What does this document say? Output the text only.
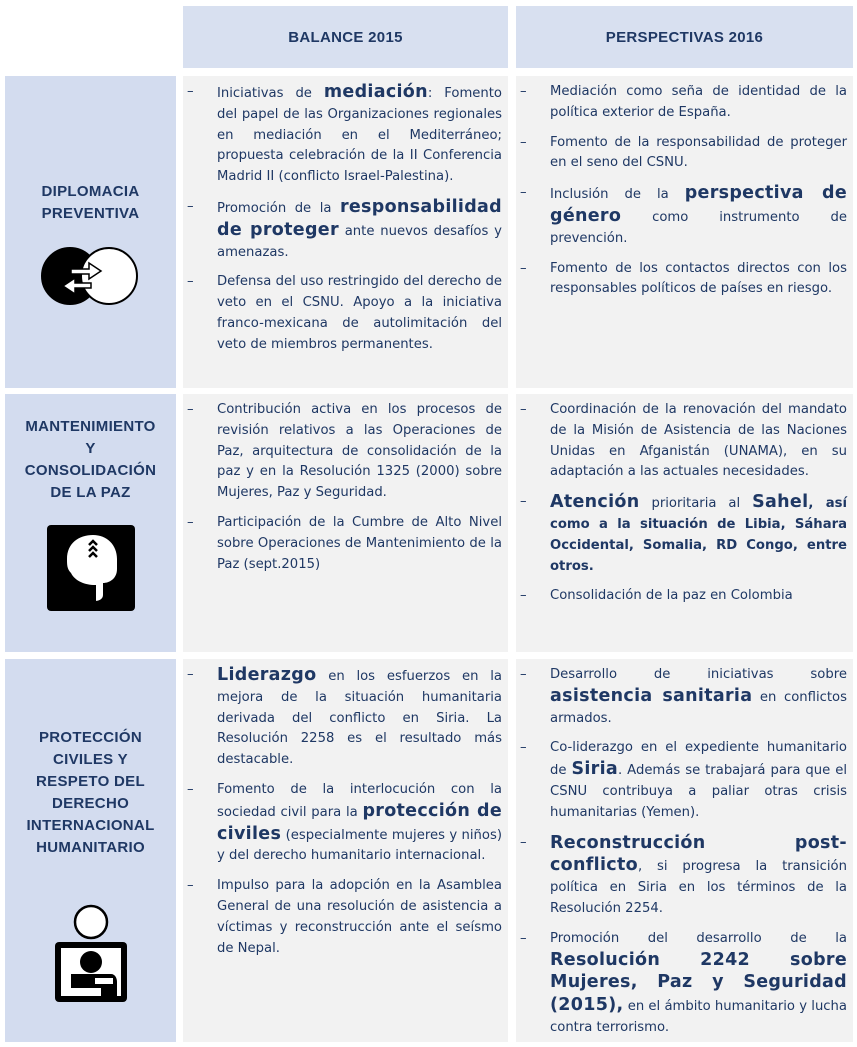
BALANCE 2015	PERSPECTIVAS 2016
DIPLOMACIA
PREVENTIVA
– Iniciativas de mediación: Fomento del papel de las Organizaciones regionales en mediación en el Mediterráneo; propuesta celebración de la II Conferencia Madrid II (conflicto Israel-Palestina).
– Promoción de la responsabilidad de proteger ante nuevos desafíos y amenazas.
– Defensa del uso restringido del derecho de veto en el CSNU. Apoyo a la iniciativa franco-mexicana de autolimitación del veto de miembros permanentes.
– Mediación como seña de identidad de la política exterior de España.
– Fomento de la responsabilidad de proteger en el seno del CSNU.
– Inclusión de la perspectiva de género como instrumento de prevención.
– Fomento de los contactos directos con los responsables políticos de países en riesgo.
MANTENIMIENTO
Y
CONSOLIDACIÓN
DE LA PAZ
– Contribución activa en los procesos de revisión relativos a las Operaciones de Paz, arquitectura de consolidación de la paz y en la Resolución 1325 (2000) sobre Mujeres, Paz y Seguridad.
– Participación de la Cumbre de Alto Nivel sobre Operaciones de Mantenimiento de la Paz (sept.2015)
– Coordinación de la renovación del mandato de la Misión de Asistencia de las Naciones Unidas en Afganistán (UNAMA), en su adaptación a las actuales necesidades.
– Atención prioritaria al Sahel, así como a la situación de Libia, Sáhara Occidental, Somalia, RD Congo, entre otros.
– Consolidación de la paz en Colombia
PROTECCIÓN
CIVILES Y
RESPETO DEL
DERECHO
INTERNACIONAL
HUMANITARIO
– Liderazgo en los esfuerzos en la mejora de la situación humanitaria derivada del conflicto en Siria. La Resolución 2258 es el resultado más destacable.
– Fomento de la interlocución con la sociedad civil para la protección de civiles (especialmente mujeres y niños) y del derecho humanitario internacional.
– Impulso para la adopción en la Asamblea General de una resolución de asistencia a víctimas y reconstrucción ante el seísmo de Nepal.
– Desarrollo de iniciativas sobre asistencia sanitaria en conflictos armados.
– Co-liderazgo en el expediente humanitario de Siria. Además se trabajará para que el CSNU contribuya a paliar otras crisis humanitarias (Yemen).
– Reconstrucción post-conflicto, si progresa la transición política en Siria en los términos de la Resolución 2254.
– Promoción del desarrollo de la Resolución 2242 sobre Mujeres, Paz y Seguridad (2015), en el ámbito humanitario y lucha contra terrorismo.
